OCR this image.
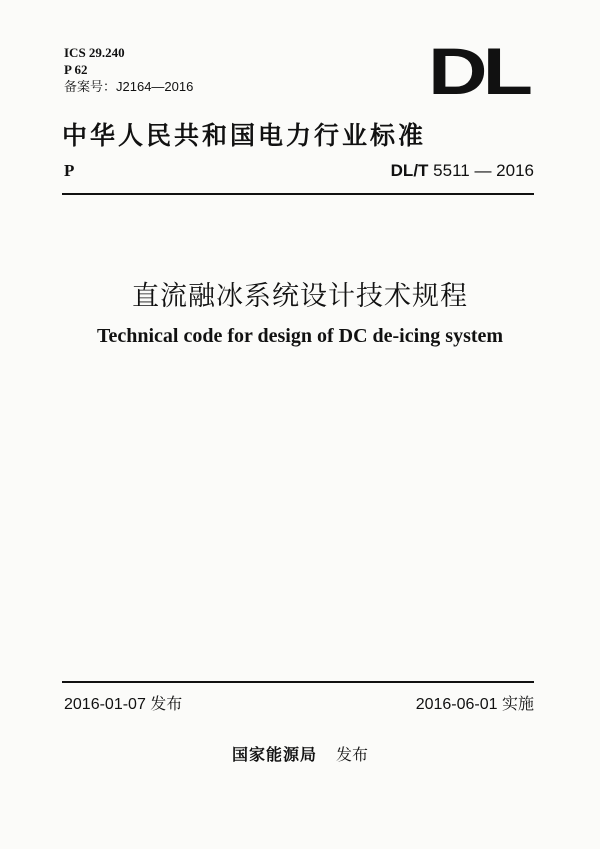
ICS 29.240
P 62
备案号：J2164—2016	DL
中华人民共和国电力行业标准
P	DL/T 5511 — 2016
直流融冰系统设计技术规程
Technical code for design of DC de-icing system
2016-01-07 发布	2016-06-01 实施
国家能源局 发布
